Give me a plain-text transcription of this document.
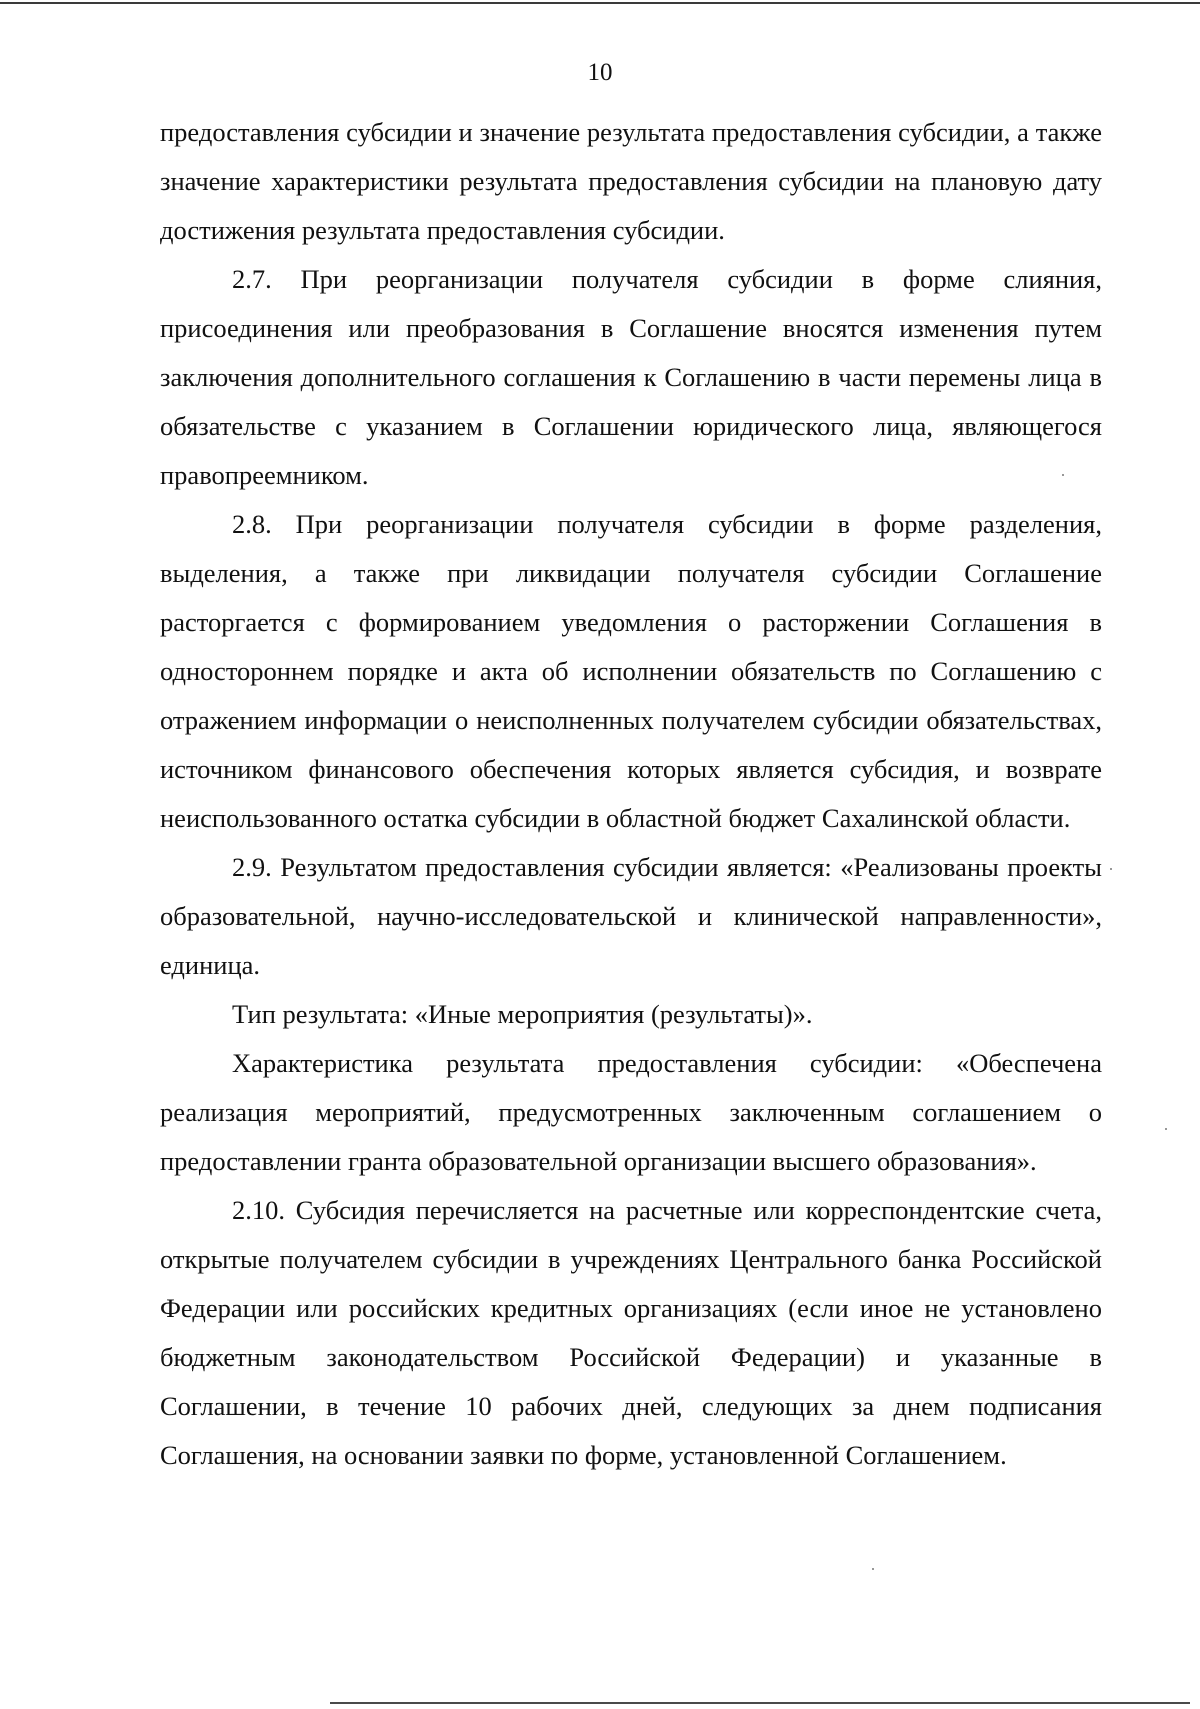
10

предоставления субсидии и значение результата предоставления субсидии, а также значение характеристики результата предоставления субсидии на плановую дату достижения результата предоставления субсидии.

2.7. При реорганизации получателя субсидии в форме слияния, присоединения или преобразования в Соглашение вносятся изменения путем заключения дополнительного соглашения к Соглашению в части перемены лица в обязательстве с указанием в Соглашении юридического лица, являющегося правопреемником.

2.8. При реорганизации получателя субсидии в форме разделения, выделения, а также при ликвидации получателя субсидии Соглашение расторгается с формированием уведомления о расторжении Соглашения в одностороннем порядке и акта об исполнении обязательств по Соглашению с отражением информации о неисполненных получателем субсидии обязательствах, источником финансового обеспечения которых является субсидия, и возврате неиспользованного остатка субсидии в областной бюджет Сахалинской области.

2.9. Результатом предоставления субсидии является: «Реализованы проекты образовательной, научно-исследовательской и клинической направленности», единица.

Тип результата: «Иные мероприятия (результаты)».

Характеристика результата предоставления субсидии: «Обеспечена реализация мероприятий, предусмотренных заключенным соглашением о предоставлении гранта образовательной организации высшего образования».

2.10. Субсидия перечисляется на расчетные или корреспондентские счета, открытые получателем субсидии в учреждениях Центрального банка Российской Федерации или российских кредитных организациях (если иное не установлено бюджетным законодательством Российской Федерации) и указанные в Соглашении, в течение 10 рабочих дней, следующих за днем подписания Соглашения, на основании заявки по форме, установленной Соглашением.
